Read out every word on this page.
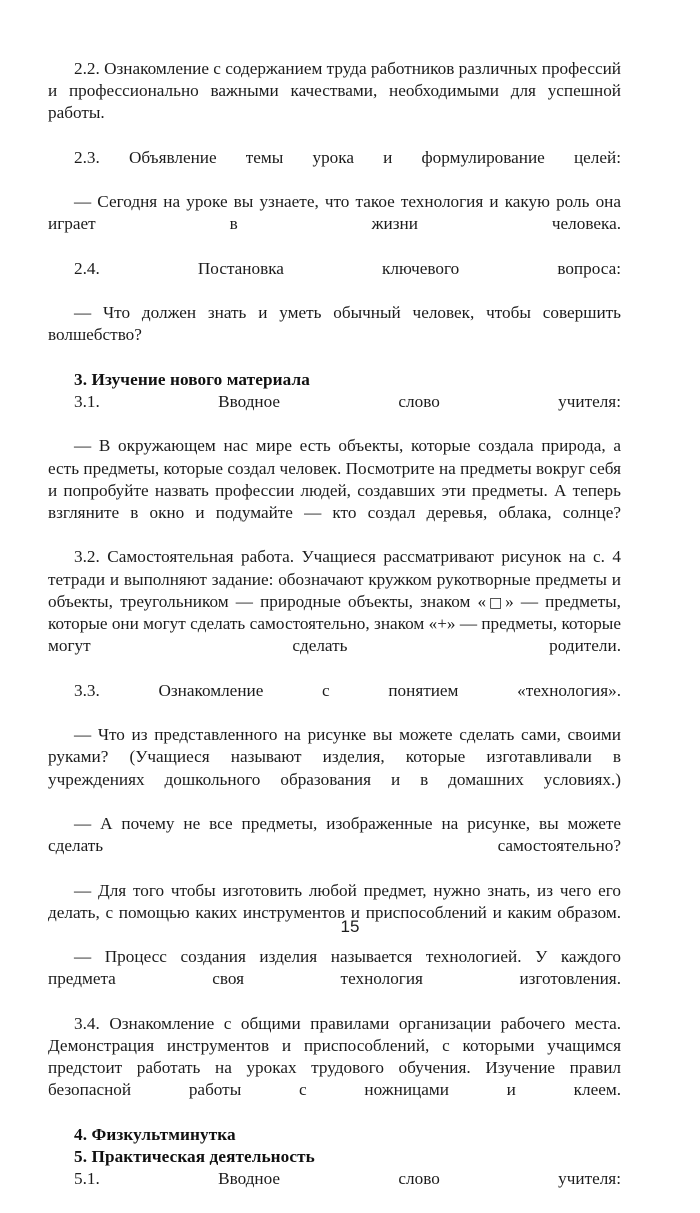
2.2. Ознакомление с содержанием труда работников различных профессий и профессионально важными качествами, необходимыми для успешной работы.

2.3. Объявление темы урока и формулирование целей:

— Сегодня на уроке вы узнаете, что такое технология и какую роль она играет в жизни человека.

2.4. Постановка ключевого вопроса:

— Что должен знать и уметь обычный человек, чтобы совершить волшебство?

3. Изучение нового материала

3.1. Вводное слово учителя:

— В окружающем нас мире есть объекты, которые создала природа, а есть предметы, которые создал человек. Посмотрите на предметы вокруг себя и попробуйте назвать профессии людей, создавших эти предметы. А теперь взгляните в окно и подумайте — кто создал деревья, облака, солнце?

3.2. Самостоятельная работа. Учащиеся рассматривают рисунок на с. 4 тетради и выполняют задание: обозначают кружком рукотворные предметы и объекты, треугольником — природные объекты, знаком «□» — предметы, которые они могут сделать самостоятельно, знаком «+» — предметы, которые могут сделать родители.

3.3. Ознакомление с понятием «технология».

— Что из представленного на рисунке вы можете сделать сами, своими руками? (Учащиеся называют изделия, которые изготавливали в учреждениях дошкольного образования и в домашних условиях.)

— А почему не все предметы, изображенные на рисунке, вы можете сделать самостоятельно?

— Для того чтобы изготовить любой предмет, нужно знать, из чего его делать, с помощью каких инструментов и приспособлений и каким образом.

— Процесс создания изделия называется технологией. У каждого предмета своя технология изготовления.

3.4. Ознакомление с общими правилами организации рабочего места. Демонстрация инструментов и приспособлений, с которыми учащимся предстоит работать на уроках трудового обучения. Изучение правил безопасной работы с ножницами и клеем.

4. Физкультминутка
5. Практическая деятельность

5.1. Вводное слово учителя:

15
